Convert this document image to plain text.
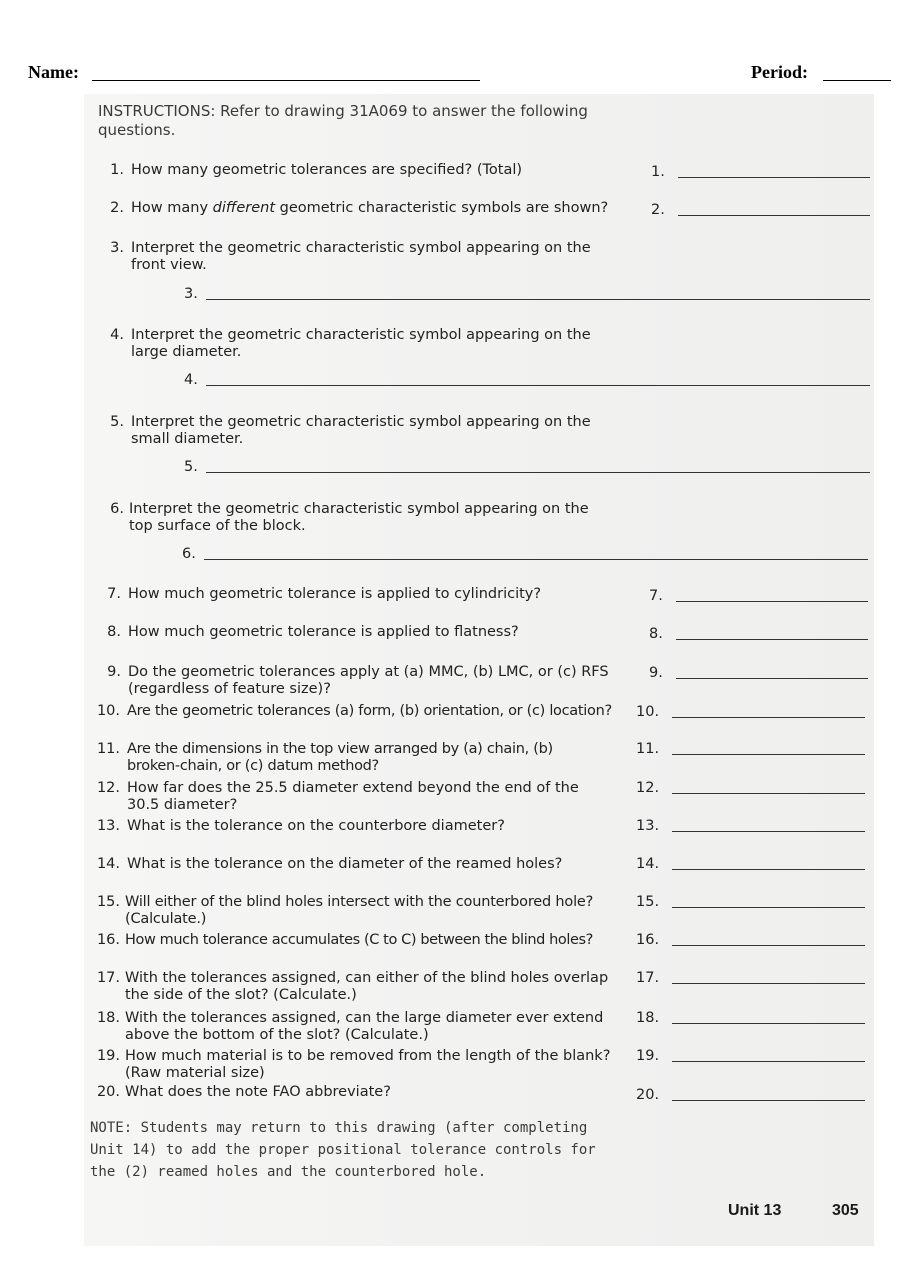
Name:	Period:
INSTRUCTIONS: Refer to drawing 31A069 to answer the following questions.
1. How many geometric tolerances are specified? (Total)	1.
2. How many different geometric characteristic symbols are shown?	2.
3. Interpret the geometric characteristic symbol appearing on the front view.
3.
4. Interpret the geometric characteristic symbol appearing on the large diameter.
4.
5. Interpret the geometric characteristic symbol appearing on the small diameter.
5.
6. Interpret the geometric characteristic symbol appearing on the top surface of the block.
6.
7. How much geometric tolerance is applied to cylindricity?	7.
8. How much geometric tolerance is applied to flatness?	8.
9. Do the geometric tolerances apply at (a) MMC, (b) LMC, or (c) RFS (regardless of feature size)?
9.
10. Are the geometric tolerances (a) form, (b) orientation, or (c) location?	10.
11. Are the dimensions in the top view arranged by (a) chain, (b) broken-chain, or (c) datum method?
11.
12. How far does the 25.5 diameter extend beyond the end of the 30.5 diameter?
12.
13. What is the tolerance on the counterbore diameter?	13.
14. What is the tolerance on the diameter of the reamed holes?	14.
15. Will either of the blind holes intersect with the counterbored hole? (Calculate.)
15.
16. How much tolerance accumulates (C to C) between the blind holes?	16.
17. With the tolerances assigned, can either of the blind holes overlap the side of the slot? (Calculate.)
17.
18. With the tolerances assigned, can the large diameter ever extend above the bottom of the slot? (Calculate.)
18.
19. How much material is to be removed from the length of the blank? (Raw material size)
19.
20. What does the note FAO abbreviate?	20.
NOTE: Students may return to this drawing (after completing Unit 14) to add the proper positional tolerance controls for the (2) reamed holes and the counterbored hole.
Unit 13	305
